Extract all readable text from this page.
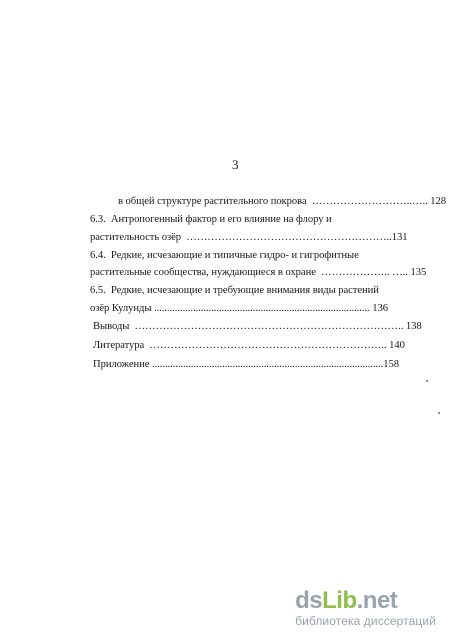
3
в общей структуре растительного покрова  ………………………..….. 128
6.3.  Антропогенный фактор и его влияние на флору и
растительность озёр  …………………………………………………..131
6.4.  Редкие, исчезающие и типичные гидро- и гигрофитные
растительные сообщества, нуждающиеся в охране  ……………….. ….. 135
6.5.  Редкие, исчезающие и требующие внимания виды растений
озёр Кулунды ................................................................................... 136
Выводы  ………………………………………………………………….. 138
Литература  ………………………………………………………….. 140
Приложение .........................................................................................158
dsLib.net
библиотека диссертаций
